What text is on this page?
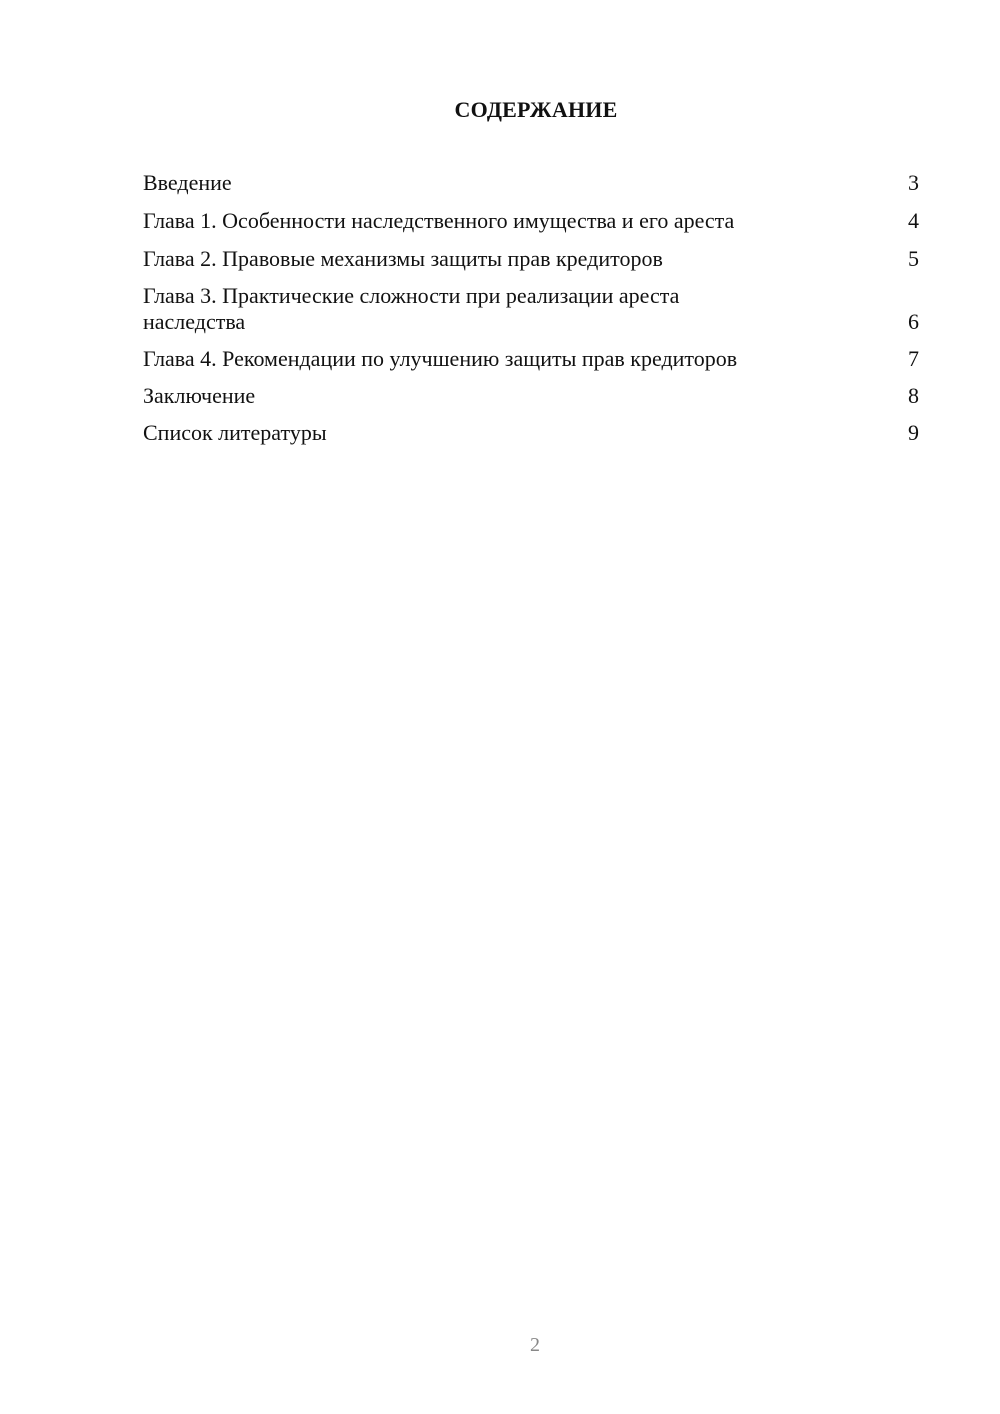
СОДЕРЖАНИЕ
Введение	3
Глава 1. Особенности наследственного имущества и его ареста	4
Глава 2. Правовые механизмы защиты прав кредиторов	5
Глава 3. Практические сложности при реализации ареста наследства	6
Глава 4. Рекомендации по улучшению защиты прав кредиторов	7
Заключение	8
Список литературы	9
2
